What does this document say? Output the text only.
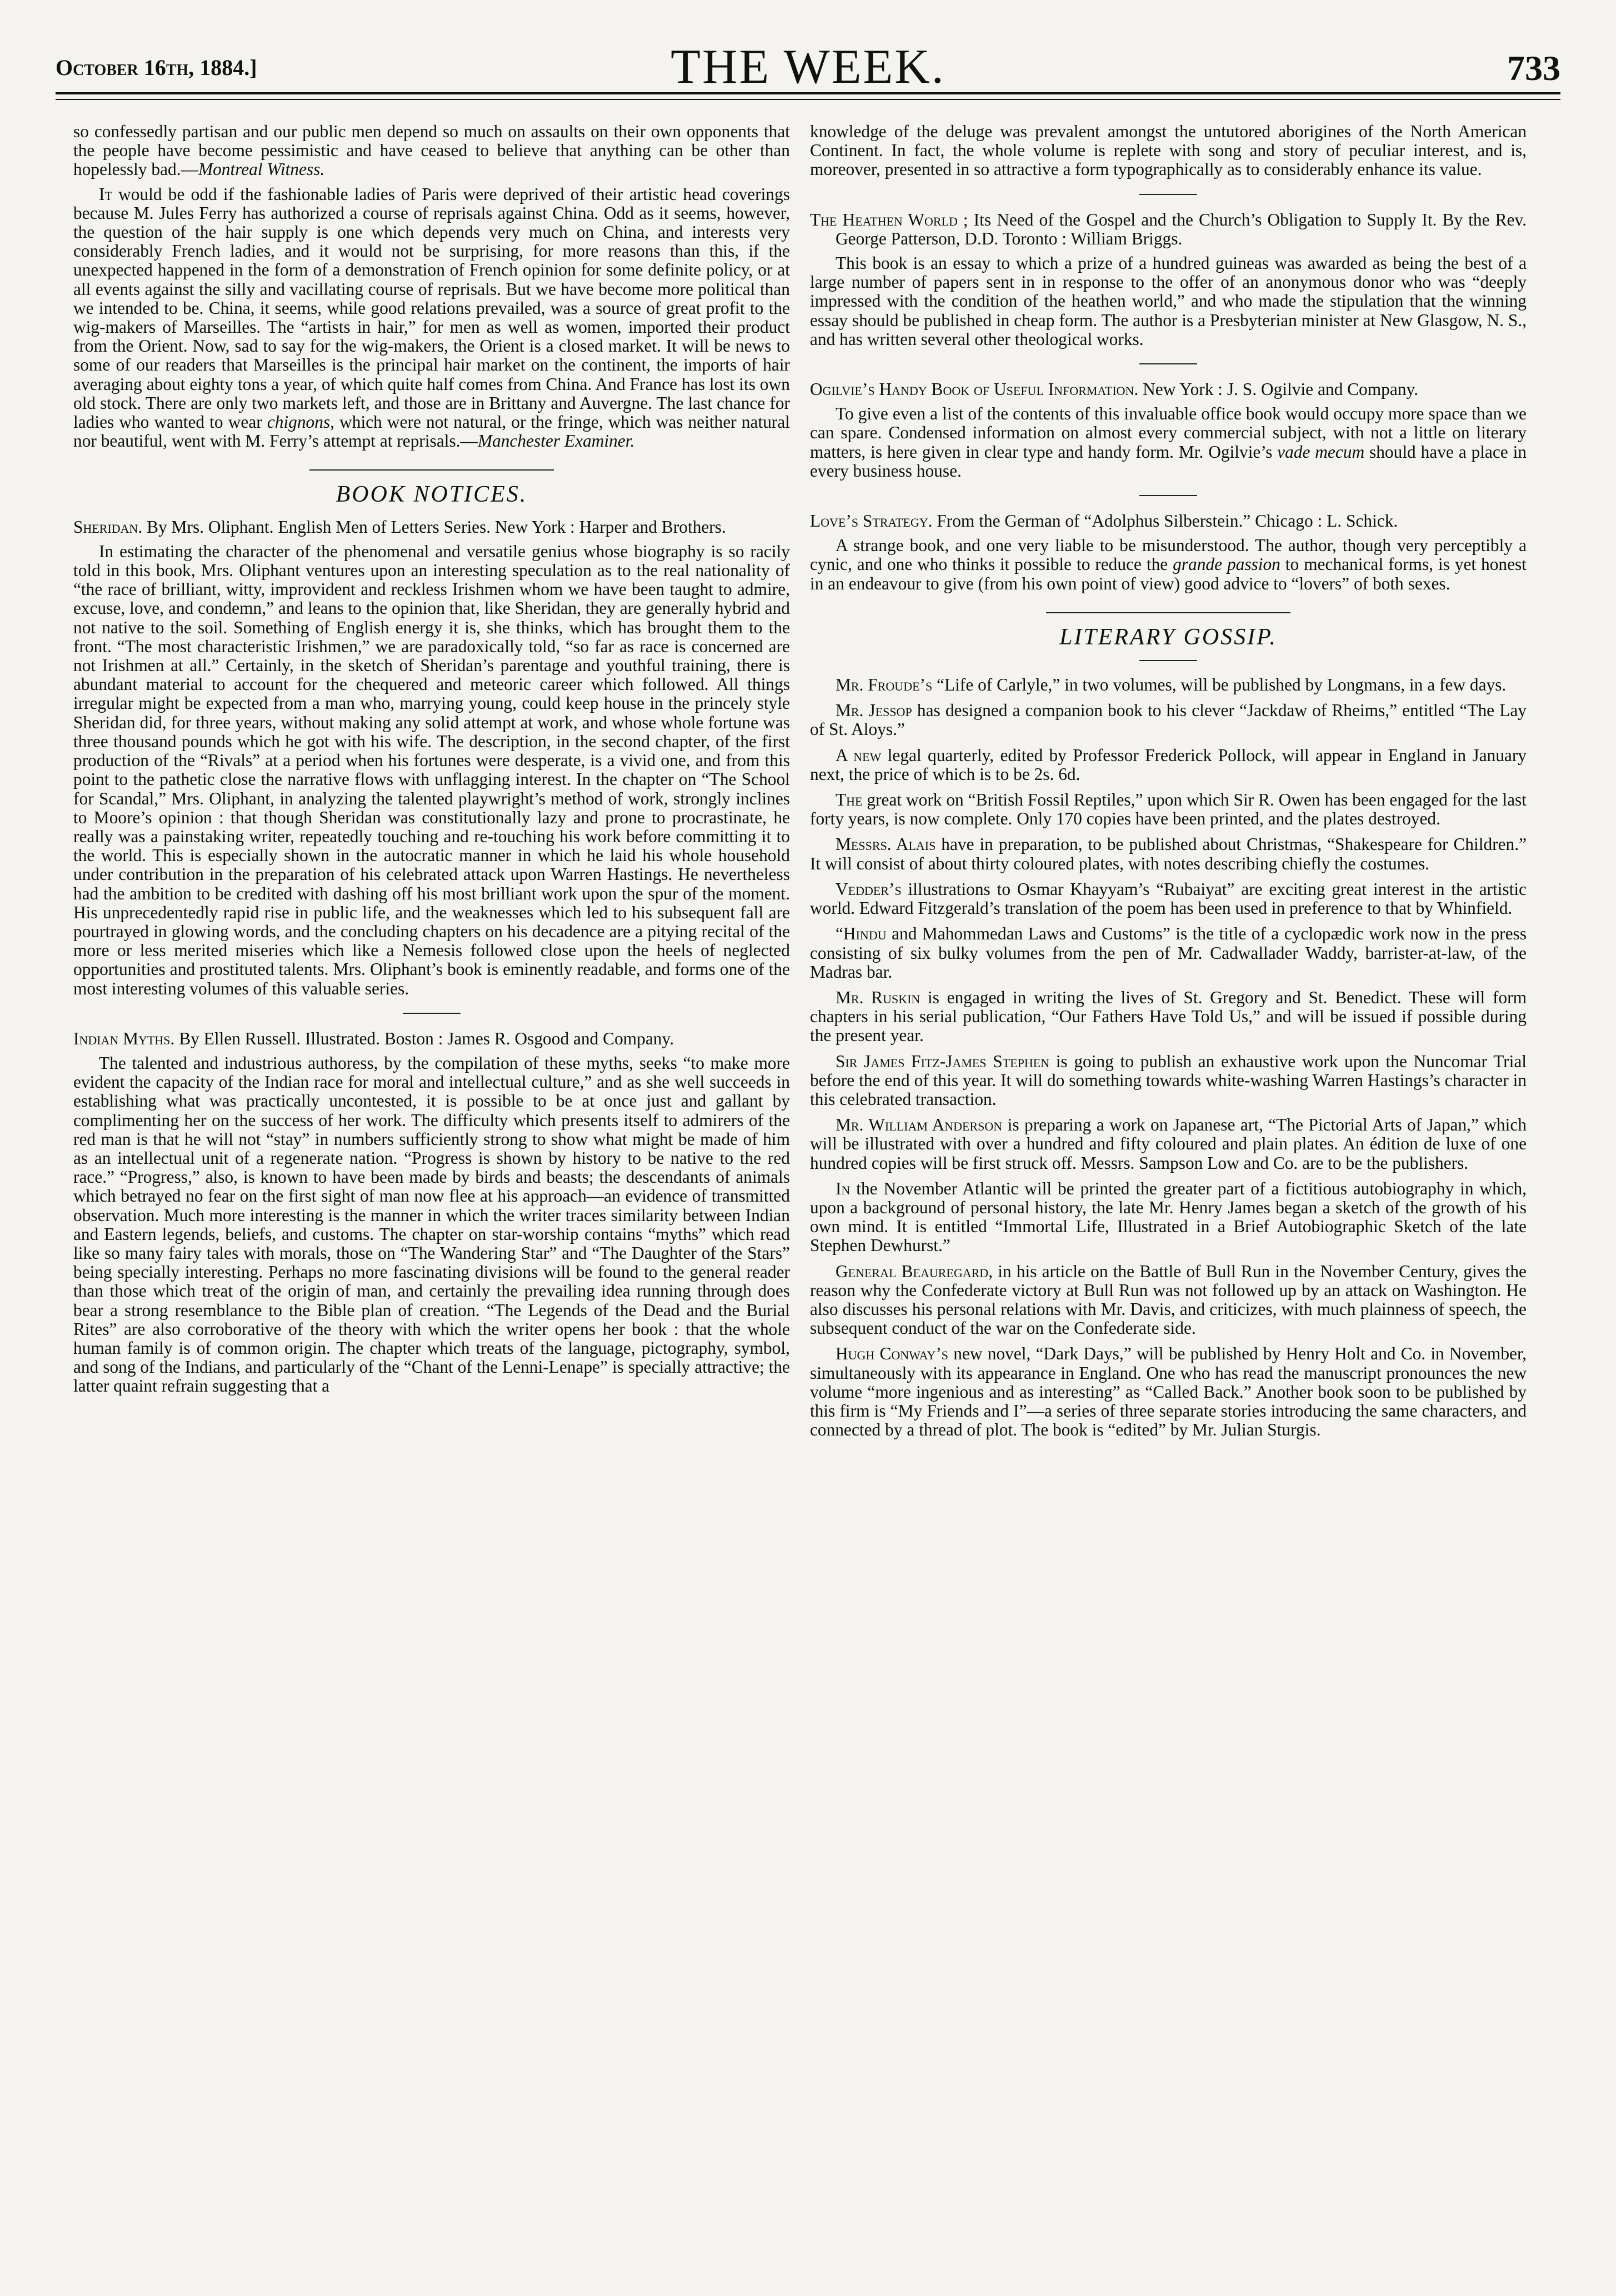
October 16th, 1884.]	THE WEEK.	733

so confessedly partisan and our public men depend so much on assaults on their own opponents that the people have become pessimistic and have ceased to believe that anything can be other than hopelessly bad.—Montreal Witness.

It would be odd if the fashionable ladies of Paris were deprived of their artistic head coverings because M. Jules Ferry has authorized a course of reprisals against China. Odd as it seems, however, the question of the hair supply is one which depends very much on China, and interests very considerably French ladies, and it would not be surprising, for more reasons than this, if the unexpected happened in the form of a demonstration of French opinion for some definite policy, or at all events against the silly and vacillating course of reprisals. But we have become more political than we intended to be. China, it seems, while good relations prevailed, was a source of great profit to the wig-makers of Marseilles. The “artists in hair,” for men as well as women, imported their product from the Orient. Now, sad to say for the wig-makers, the Orient is a closed market. It will be news to some of our readers that Marseilles is the principal hair market on the continent, the imports of hair averaging about eighty tons a year, of which quite half comes from China. And France has lost its own old stock. There are only two markets left, and those are in Brittany and Auvergne. The last chance for ladies who wanted to wear chignons, which were not natural, or the fringe, which was neither natural nor beautiful, went with M. Ferry’s attempt at reprisals.—Manchester Examiner.

BOOK NOTICES.

Sheridan. By Mrs. Oliphant. English Men of Letters Series. New York : Harper and Brothers.

In estimating the character of the phenomenal and versatile genius whose biography is so racily told in this book, Mrs. Oliphant ventures upon an interesting speculation as to the real nationality of “the race of brilliant, witty, improvident and reckless Irishmen whom we have been taught to admire, excuse, love, and condemn,” and leans to the opinion that, like Sheridan, they are generally hybrid and not native to the soil. Something of English energy it is, she thinks, which has brought them to the front. “The most characteristic Irishmen,” we are paradoxically told, “so far as race is concerned are not Irishmen at all.” Certainly, in the sketch of Sheridan’s parentage and youthful training, there is abundant material to account for the chequered and meteoric career which followed. All things irregular might be expected from a man who, marrying young, could keep house in the princely style Sheridan did, for three years, without making any solid attempt at work, and whose whole fortune was three thousand pounds which he got with his wife. The description, in the second chapter, of the first production of the “Rivals” at a period when his fortunes were desperate, is a vivid one, and from this point to the pathetic close the narrative flows with unflagging interest. In the chapter on “The School for Scandal,” Mrs. Oliphant, in analyzing the talented playwright’s method of work, strongly inclines to Moore’s opinion : that though Sheridan was constitutionally lazy and prone to procrastinate, he really was a painstaking writer, repeatedly touching and re-touching his work before committing it to the world. This is especially shown in the autocratic manner in which he laid his whole household under contribution in the preparation of his celebrated attack upon Warren Hastings. He nevertheless had the ambition to be credited with dashing off his most brilliant work upon the spur of the moment. His unprecedentedly rapid rise in public life, and the weaknesses which led to his subsequent fall are pourtrayed in glowing words, and the concluding chapters on his decadence are a pitying recital of the more or less merited miseries which like a Nemesis followed close upon the heels of neglected opportunities and prostituted talents. Mrs. Oliphant’s book is eminently readable, and forms one of the most interesting volumes of this valuable series.

Indian Myths. By Ellen Russell. Illustrated. Boston : James R. Osgood and Company.

The talented and industrious authoress, by the compilation of these myths, seeks “to make more evident the capacity of the Indian race for moral and intellectual culture,” and as she well succeeds in establishing what was practically uncontested, it is possible to be at once just and gallant by complimenting her on the success of her work. The difficulty which presents itself to admirers of the red man is that he will not “stay” in numbers sufficiently strong to show what might be made of him as an intellectual unit of a regenerate nation. “Progress is shown by history to be native to the red race.” “Progress,” also, is known to have been made by birds and beasts; the descendants of animals which betrayed no fear on the first sight of man now flee at his approach—an evidence of transmitted observation. Much more interesting is the manner in which the writer traces similarity between Indian and Eastern legends, beliefs, and customs. The chapter on star-worship contains “myths” which read like so many fairy tales with morals, those on “The Wandering Star” and “The Daughter of the Stars” being specially interesting. Perhaps no more fascinating divisions will be found to the general reader than those which treat of the origin of man, and certainly the prevailing idea running through does bear a strong resemblance to the Bible plan of creation. “The Legends of the Dead and the Burial Rites” are also corroborative of the theory with which the writer opens her book : that the whole human family is of common origin. The chapter which treats of the language, pictography, symbol, and song of the Indians, and particularly of the “Chant of the Lenni-Lenape” is specially attractive; the latter quaint refrain suggesting that a

knowledge of the deluge was prevalent amongst the untutored aborigines of the North American Continent. In fact, the whole volume is replete with song and story of peculiar interest, and is, moreover, presented in so attractive a form typographically as to considerably enhance its value.

The Heathen World ; Its Need of the Gospel and the Church’s Obligation to Supply It. By the Rev. George Patterson, D.D. Toronto : William Briggs.

This book is an essay to which a prize of a hundred guineas was awarded as being the best of a large number of papers sent in in response to the offer of an anonymous donor who was “deeply impressed with the condition of the heathen world,” and who made the stipulation that the winning essay should be published in cheap form. The author is a Presbyterian minister at New Glasgow, N. S., and has written several other theological works.

Ogilvie’s Handy Book of Useful Information. New York : J. S. Ogilvie and Company.

To give even a list of the contents of this invaluable office book would occupy more space than we can spare. Condensed information on almost every commercial subject, with not a little on literary matters, is here given in clear type and handy form. Mr. Ogilvie’s vade mecum should have a place in every business house.

Love’s Strategy. From the German of “Adolphus Silberstein.” Chicago : L. Schick.

A strange book, and one very liable to be misunderstood. The author, though very perceptibly a cynic, and one who thinks it possible to reduce the grande passion to mechanical forms, is yet honest in an endeavour to give (from his own point of view) good advice to “lovers” of both sexes.

LITERARY GOSSIP.

Mr. Froude’s “Life of Carlyle,” in two volumes, will be published by Longmans, in a few days.

Mr. Jessop has designed a companion book to his clever “Jackdaw of Rheims,” entitled “The Lay of St. Aloys.”

A new legal quarterly, edited by Professor Frederick Pollock, will appear in England in January next, the price of which is to be 2s. 6d.

The great work on “British Fossil Reptiles,” upon which Sir R. Owen has been engaged for the last forty years, is now complete. Only 170 copies have been printed, and the plates destroyed.

Messrs. Alais have in preparation, to be published about Christmas, “Shakespeare for Children.” It will consist of about thirty coloured plates, with notes describing chiefly the costumes.

Vedder’s illustrations to Osmar Khayyam’s “Rubaiyat” are exciting great interest in the artistic world. Edward Fitzgerald’s translation of the poem has been used in preference to that by Whinfield.

“Hindu and Mahommedan Laws and Customs” is the title of a cyclopædic work now in the press consisting of six bulky volumes from the pen of Mr. Cadwallader Waddy, barrister-at-law, of the Madras bar.

Mr. Ruskin is engaged in writing the lives of St. Gregory and St. Benedict. These will form chapters in his serial publication, “Our Fathers Have Told Us,” and will be issued if possible during the present year.

Sir James Fitz-James Stephen is going to publish an exhaustive work upon the Nuncomar Trial before the end of this year. It will do something towards white-washing Warren Hastings’s character in this celebrated transaction.

Mr. William Anderson is preparing a work on Japanese art, “The Pictorial Arts of Japan,” which will be illustrated with over a hundred and fifty coloured and plain plates. An édition de luxe of one hundred copies will be first struck off. Messrs. Sampson Low and Co. are to be the publishers.

In the November Atlantic will be printed the greater part of a fictitious autobiography in which, upon a background of personal history, the late Mr. Henry James began a sketch of the growth of his own mind. It is entitled “Immortal Life, Illustrated in a Brief Autobiographic Sketch of the late Stephen Dewhurst.”

General Beauregard, in his article on the Battle of Bull Run in the November Century, gives the reason why the Confederate victory at Bull Run was not followed up by an attack on Washington. He also discusses his personal relations with Mr. Davis, and criticizes, with much plainness of speech, the subsequent conduct of the war on the Confederate side.

Hugh Conway’s new novel, “Dark Days,” will be published by Henry Holt and Co. in November, simultaneously with its appearance in England. One who has read the manuscript pronounces the new volume “more ingenious and as interesting” as “Called Back.” Another book soon to be published by this firm is “My Friends and I”—a series of three separate stories introducing the same characters, and connected by a thread of plot. The book is “edited” by Mr. Julian Sturgis.
